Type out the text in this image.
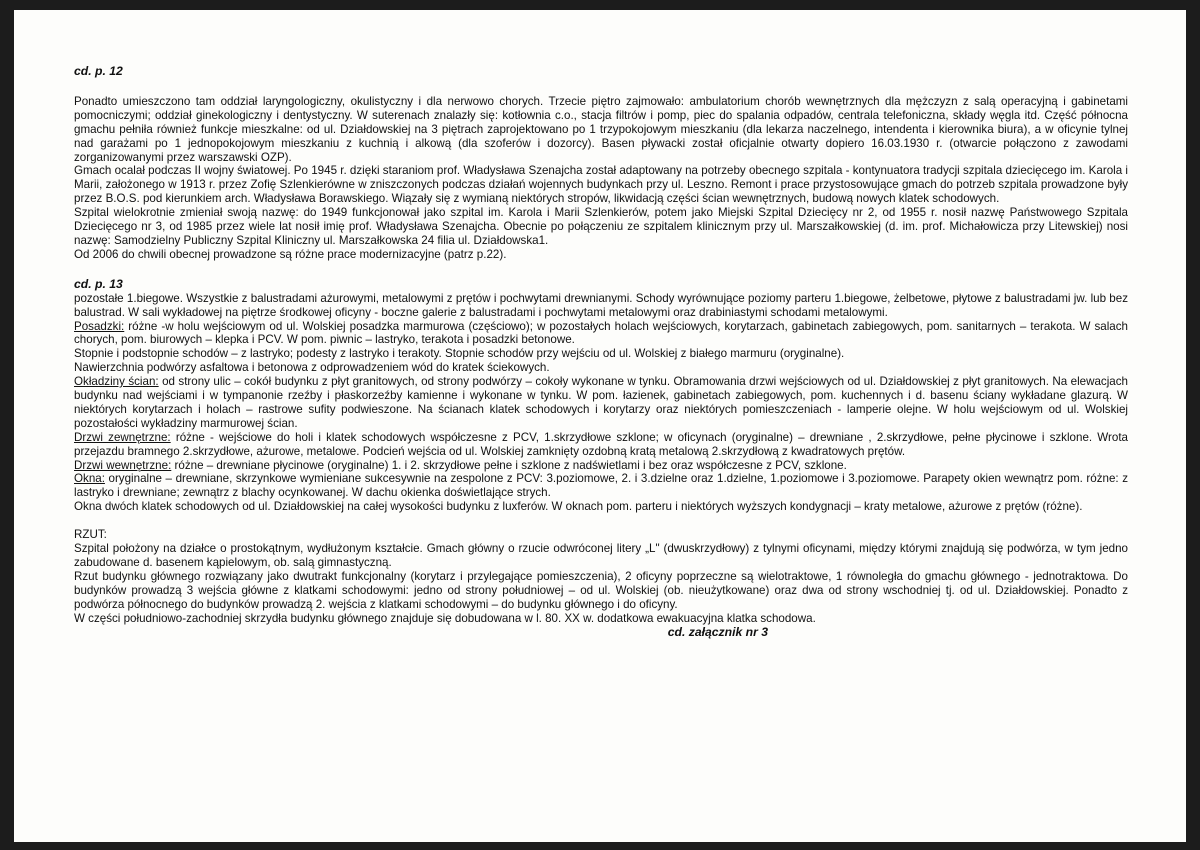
cd. p. 12

Ponadto umieszczono tam oddział laryngologiczny, okulistyczny i dla nerwowo chorych. Trzecie piętro zajmowało: ambulatorium chorób wewnętrznych dla mężczyzn z salą operacyjną i gabinetami pomocniczymi; oddział ginekologiczny i dentystyczny. W suterenach znalazły się: kotłownia c.o., stacja filtrów i pomp, piec do spalania odpadów, centrala telefoniczna, składy węgla itd. Część północna gmachu pełniła również funkcje mieszkalne: od ul. Działdowskiej na 3 piętrach zaprojektowano po 1 trzypokojowym mieszkaniu (dla lekarza naczelnego, intendenta i kierownika biura), a w oficynie tylnej nad garażami po 1 jednopokojowym mieszkaniu z kuchnią i alkową (dla szoferów i dozorcy). Basen pływacki został oficjalnie otwarty dopiero 16.03.1930 r. (otwarcie połączono z zawodami zorganizowanymi przez warszawski OZP).

Gmach ocalał podczas II wojny światowej. Po 1945 r. dzięki staraniom prof. Władysława Szenajcha został adaptowany na potrzeby obecnego szpitala - kontynuatora tradycji szpitala dziecięcego im. Karola i Marii, założonego w 1913 r. przez Zofię Szlenkierówne w zniszczonych podczas działań wojennych budynkach przy ul. Leszno. Remont i prace przystosowujące gmach do potrzeb szpitala prowadzone były przez B.O.S. pod kierunkiem arch. Władysława Borawskiego. Wiązały się z wymianą niektórych stropów, likwidacją części ścian wewnętrznych, budową nowych klatek schodowych.

Szpital wielokrotnie zmieniał swoją nazwę: do 1949 funkcjonował jako szpital im. Karola i Marii Szlenkierów, potem jako Miejski Szpital Dziecięcy nr 2, od 1955 r. nosił nazwę Państwowego Szpitala Dziecięcego nr 3, od 1985 przez wiele lat nosił imię prof. Władysława Szenajcha. Obecnie po połączeniu ze szpitalem klinicznym przy ul. Marszałkowskiej (d. im. prof. Michałowicza przy Litewskiej) nosi nazwę: Samodzielny Publiczny Szpital Kliniczny ul. Marszałkowska 24 filia ul. Działdowska1.

Od 2006 do chwili obecnej prowadzone są różne prace modernizacyjne (patrz p.22).

cd. p. 13

pozostałe 1.biegowe. Wszystkie z balustradami ażurowymi, metalowymi z prętów i pochwytami drewnianymi. Schody wyrównujące poziomy parteru 1.biegowe, żelbetowe, płytowe z balustradami jw. lub bez balustrad. W sali wykładowej na piętrze środkowej oficyny - boczne galerie z balustradami i pochwytami metalowymi oraz drabiniastymi schodami metalowymi.

Posadzki: różne -w holu wejściowym od ul. Wolskiej posadzka marmurowa (częściowo); w pozostałych holach wejściowych, korytarzach, gabinetach zabiegowych, pom. sanitarnych – terakota. W salach chorych, pom. biurowych – klepka i PCV. W pom. piwnic – lastryko, terakota i posadzki betonowe.

Stopnie i podstopnie schodów – z lastryko; podesty z lastryko i terakoty. Stopnie schodów przy wejściu od ul. Wolskiej z białego marmuru (oryginalne).

Nawierzchnia podwórzy asfaltowa i betonowa z odprowadzeniem wód do kratek ściekowych.

Okładziny ścian: od strony ulic – cokół budynku z płyt granitowych, od strony podwórzy – cokoły wykonane w tynku. Obramowania drzwi wejściowych od ul. Działdowskiej z płyt granitowych. Na elewacjach budynku nad wejściami i w tympanonie rzeźby i płaskorzeźby kamienne i wykonane w tynku. W pom. łazienek, gabinetach zabiegowych, pom. kuchennych i d. basenu ściany wykładane glazurą. W niektórych korytarzach i holach – rastrowe sufity podwieszone. Na ścianach klatek schodowych i korytarzy oraz niektórych pomieszczeniach - lamperie olejne. W holu wejściowym od ul. Wolskiej pozostałości wykładziny marmurowej ścian.

Drzwi zewnętrzne: różne - wejściowe do holi i klatek schodowych współczesne z PCV, 1.skrzydłowe szklone; w oficynach (oryginalne) – drewniane , 2.skrzydłowe, pełne płycinowe i szklone. Wrota przejazdu bramnego 2.skrzydłowe, ażurowe, metalowe. Podcień wejścia od ul. Wolskiej zamknięty ozdobną kratą metalową 2.skrzydłową z kwadratowych prętów.

Drzwi wewnętrzne: różne – drewniane płycinowe (oryginalne) 1. i 2. skrzydłowe pełne i szklone z nadświetlami i bez oraz współczesne z PCV, szklone.

Okna: oryginalne – drewniane, skrzynkowe wymieniane sukcesywnie na zespolone z PCV: 3.poziomowe, 2. i 3.dzielne oraz 1.dzielne, 1.poziomowe i 3.poziomowe. Parapety okien wewnątrz pom. różne: z lastryko i drewniane; zewnątrz z blachy ocynkowanej. W dachu okienka doświetlające strych.

Okna dwóch klatek schodowych od ul. Działdowskiej na całej wysokości budynku z luxferów. W oknach pom. parteru i niektórych wyższych kondygnacji – kraty metalowe, ażurowe z prętów (różne).

RZUT:

Szpital położony na działce o prostokątnym, wydłużonym kształcie. Gmach główny o rzucie odwróconej litery „L" (dwuskrzydłowy) z tylnymi oficynami, między którymi znajdują się podwórza, w tym jedno zabudowane d. basenem kąpielowym, ob. salą gimnastyczną.

Rzut budynku głównego rozwiązany jako dwutrakt funkcjonalny (korytarz i przylegające pomieszczenia), 2 oficyny poprzeczne są wielotraktowe, 1 równoległa do gmachu głównego - jednotraktowa. Do budynków prowadzą 3 wejścia główne z klatkami schodowymi: jedno od strony południowej – od ul. Wolskiej (ob. nieużytkowane) oraz dwa od strony wschodniej tj. od ul. Działdowskiej. Ponadto z podwórza północnego do budynków prowadzą 2. wejścia z klatkami schodowymi – do budynku głównego i do oficyny.

W części południowo-zachodniej skrzydła budynku głównego znajduje się dobudowana w l. 80. XX w. dodatkowa ewakuacyjna klatka schodowa.

cd. załącznik nr 3
